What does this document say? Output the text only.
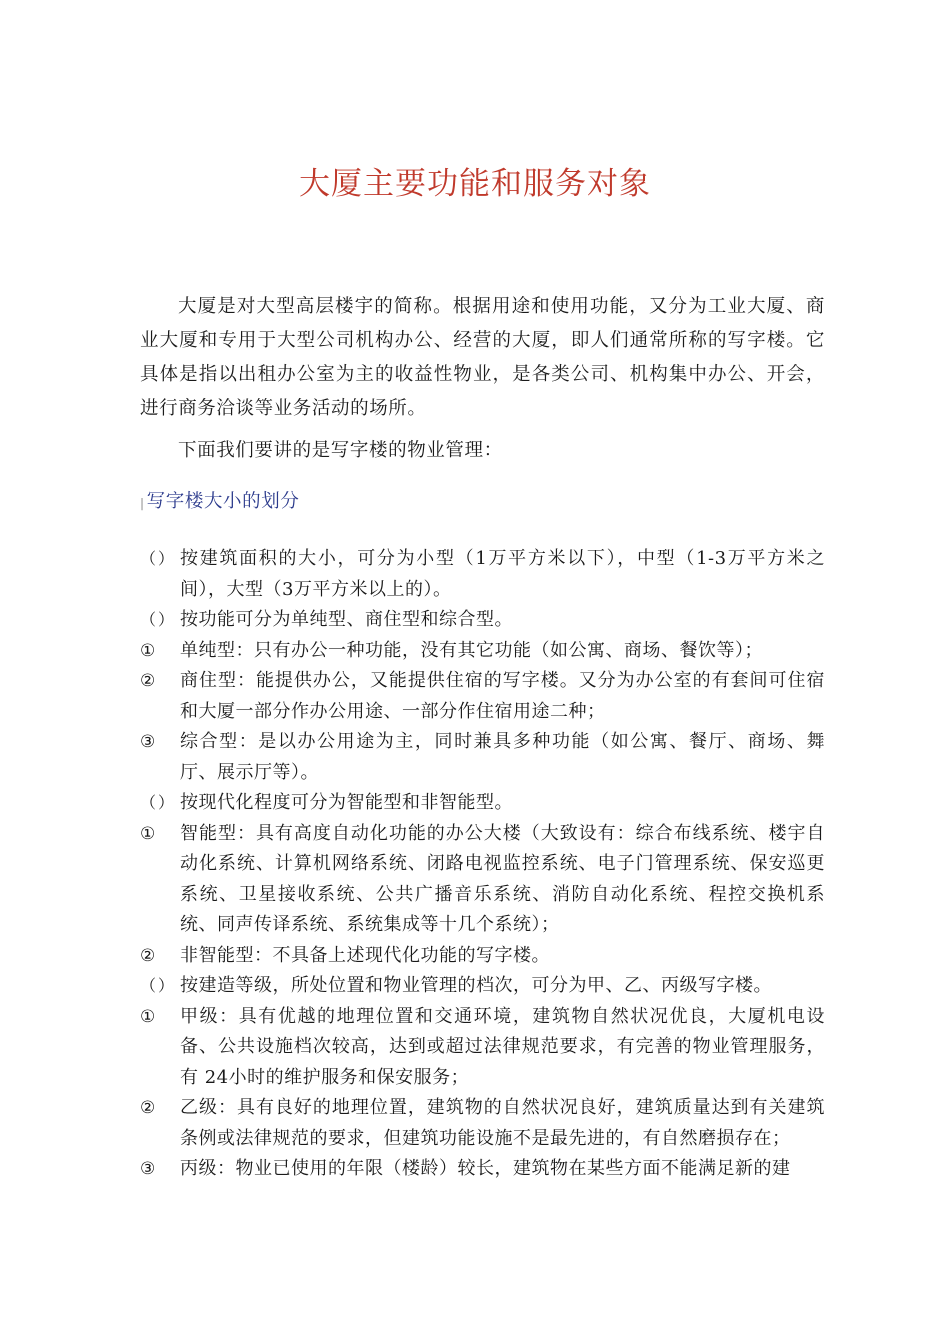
大厦主要功能和服务对象
大厦是对大型高层楼宇的简称。根据用途和使用功能，又分为工业大厦、商业大厦和专用于大型公司机构办公、经营的大厦，即人们通常所称的写字楼。它具体是指以出租办公室为主的收益性物业，是各类公司、机构集中办公、开会， 进行商务洽谈等业务活动的场所。
下面我们要讲的是写字楼的物业管理：
| 写字楼大小的划分
（） 按建筑面积的大小，可分为小型（1万平方米以下），中型（1-3万平方米之间），大型（3万平方米以上的）。
（） 按功能可分为单纯型、商住型和综合型。
①	单纯型：只有办公一种功能，没有其它功能（如公寓、商场、餐饮等）；
②	商住型：能提供办公，又能提供住宿的写字楼。又分为办公室的有套间可住宿和大厦一部分作办公用途、一部分作住宿用途二种；
③	综合型：是以办公用途为主，同时兼具多种功能（如公寓、餐厅、商场、舞厅、展示厅等）。
（） 按现代化程度可分为智能型和非智能型。
①	智能型：具有高度自动化功能的办公大楼（大致设有：综合布线系统、楼宇自动化系统、计算机网络系统、闭路电视监控系统、电子门管理系统、保安巡更系统、卫星接收系统、公共广播音乐系统、消防自动化系统、程控交换机系统、同声传译系统、系统集成等十几个系统）；
②	非智能型：不具备上述现代化功能的写字楼。
（） 按建造等级，所处位置和物业管理的档次，可分为甲、乙、丙级写字楼。
①	甲级：具有优越的地理位置和交通环境，建筑物自然状况优良，大厦机电设备、公共设施档次较高，达到或超过法律规范要求，有完善的物业管理服务，有 24小时的维护服务和保安服务；
②	乙级：具有良好的地理位置，建筑物的自然状况良好，建筑质量达到有关建筑条例或法律规范的要求，但建筑功能设施不是最先进的，有自然磨损存在；
③	丙级：物业已使用的年限（楼龄）较长，建筑物在某些方面不能满足新的建
